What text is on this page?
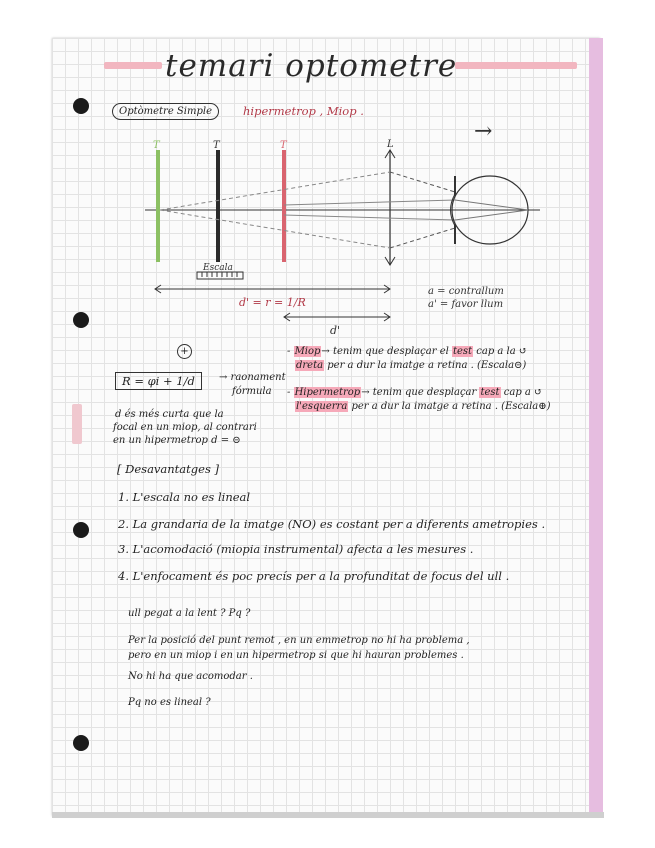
temari optometre
Optòmetre Simple	hipermetrop , Miop .
T	T	T	L
→
Escala
d' = r = 1/R
d'
a = contrallum
a' = favor llum
R = φi + 1/d
+
→ raonament
fórmula
d és més curta que la
focal en un miop, al contrari
en un hipermetrop d = ⊝
- Miop→ tenim que desplaçar el test cap a la ↺
dreta per a dur la imatge a retina . (Escala⊝)
- Hipermetrop→ tenim que desplaçar test cap a ↺
l'esquerra per a dur la imatge a retina . (Escala⊕)
[ Desavantatges ]
1. L'escala no es lineal
2. La grandaria de la imatge (NO) es costant per a diferents ametropies .
3. L'acomodació (miopia instrumental) afecta a les mesures .
4. L'enfocament és poc precís per a la profunditat de focus del ull .
ull pegat a la lent ? Pq ?
Per la posició del punt remot , en un emmetrop no hi ha problema ,
pero en un miop i en un hipermetrop si que hi hauran problemes .
No hi ha que acomodar .
Pq no es lineal ?
